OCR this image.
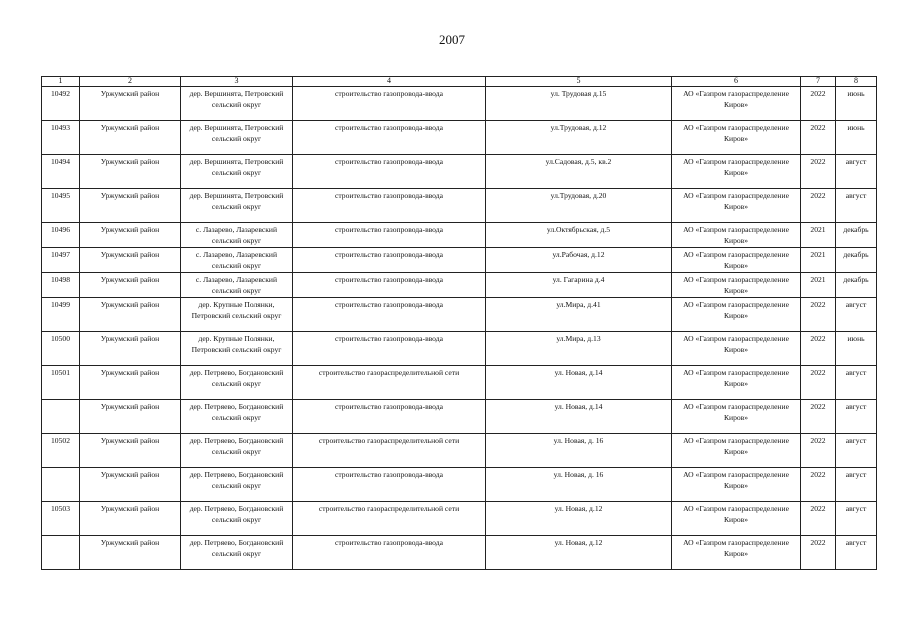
2007
1	2	3	4	5	6	7	8
10492	Уржумский район	дер. Вершинята, Петровский сельский округ	строительство газопровода-ввода	ул. Трудовая д.15	АО «Газпром газораспределение Киров»	2022	июнь
10493	Уржумский район	дер. Вершинята, Петровский сельский округ	строительство газопровода-ввода	ул.Трудовая, д.12	АО «Газпром газораспределение Киров»	2022	июнь
10494	Уржумский район	дер. Вершинята, Петровский сельский округ	строительство газопровода-ввода	ул.Садовая, д.5, кв.2	АО «Газпром газораспределение Киров»	2022	август
10495	Уржумский район	дер. Вершинята, Петровский сельский округ	строительство газопровода-ввода	ул.Трудовая, д.20	АО «Газпром газораспределение Киров»	2022	август
10496	Уржумский район	с. Лазарево, Лазаревский сельский округ	строительство газопровода-ввода	ул.Октябрьская, д.5	АО «Газпром газораспределение Киров»	2021	декабрь
10497	Уржумский район	с. Лазарево, Лазаревский сельский округ	строительство газопровода-ввода	ул.Рабочая, д.12	АО «Газпром газораспределение Киров»	2021	декабрь
10498	Уржумский район	с. Лазарево, Лазаревский сельский округ	строительство газопровода-ввода	ул. Гагарина д.4	АО «Газпром газораспределение Киров»	2021	декабрь
10499	Уржумский район	дер. Крупные Полянки, Петровский сельский округ	строительство газопровода-ввода	ул.Мира, д.41	АО «Газпром газораспределение Киров»	2022	август
10500	Уржумский район	дер. Крупные Полянки, Петровский сельский округ	строительство газопровода-ввода	ул.Мира, д.13	АО «Газпром газораспределение Киров»	2022	июнь
10501	Уржумский район	дер. Петряево, Богдановский сельский округ	строительство газораспределительной сети	ул. Новая, д.14	АО «Газпром газораспределение Киров»	2022	август
	Уржумский район	дер. Петряево, Богдановский сельский округ	строительство газопровода-ввода	ул. Новая, д.14	АО «Газпром газораспределение Киров»	2022	август
10502	Уржумский район	дер. Петряево, Богдановский сельский округ	строительство газораспределительной сети	ул. Новая, д. 16	АО «Газпром газораспределение Киров»	2022	август
	Уржумский район	дер. Петряево, Богдановский сельский округ	строительство газопровода-ввода	ул. Новая, д. 16	АО «Газпром газораспределение Киров»	2022	август
10503	Уржумский район	дер. Петряево, Богдановский сельский округ	строительство газораспределительной сети	ул. Новая, д.12	АО «Газпром газораспределение Киров»	2022	август
	Уржумский район	дер. Петряево, Богдановский сельский округ	строительство газопровода-ввода	ул. Новая, д.12	АО «Газпром газораспределение Киров»	2022	август
